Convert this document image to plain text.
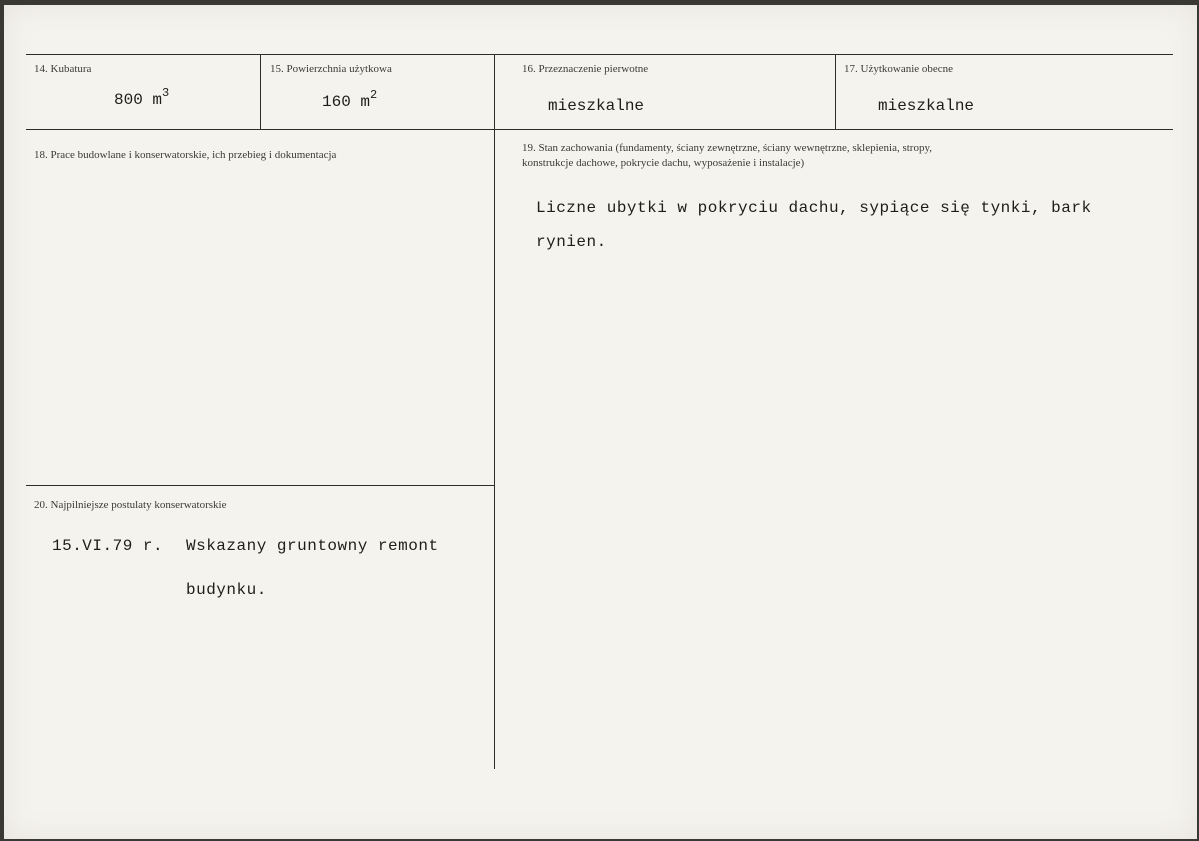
14. Kubatura
800 $m^3$
15. Powierzchnia użytkowa
160 $m^2$
16. Przeznaczenie pierwotne
mieszkalne
17. Użytkowanie obecne
mieszkalne
18. Prace budowlane i konserwatorskie, ich przebieg i dokumentacja
19. Stan zachowania (fundamenty, ściany zewnętrzne, ściany wewnętrzne, sklepienia, stropy,
konstrukcje dachowe, pokrycie dachu, wyposażenie i instalacje)
Liczne ubytki w pokryciu dachu, sypiące się tynki, bark
rynien.
20. Najpilniejsze postulaty konserwatorskie
15.VI.79 r. Wskazany gruntowny remont
budynku.
